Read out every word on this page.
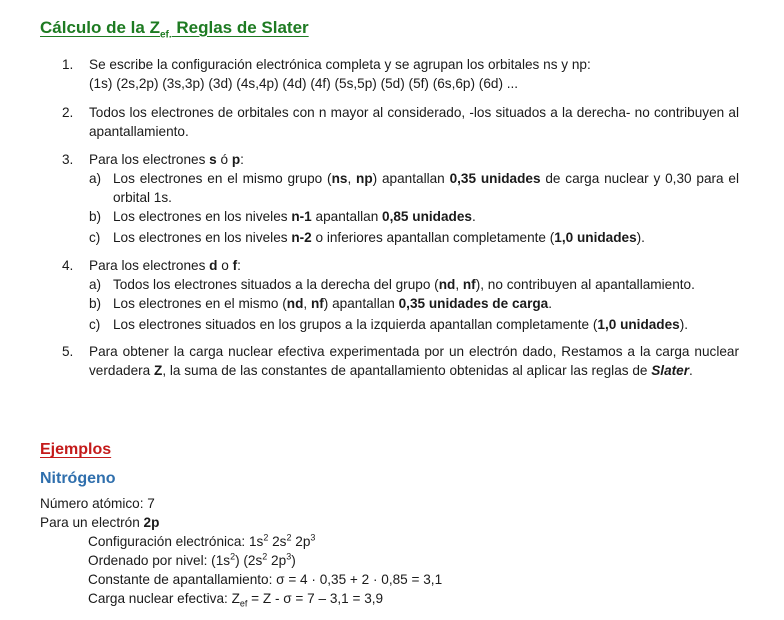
Cálculo de la $Z_{ef.}$ Reglas de Slater
1. Se escribe la configuración electrónica completa y se agrupan los orbitales ns y np:
(1s) (2s,2p) (3s,3p) (3d) (4s,4p) (4d) (4f) (5s,5p) (5d) (5f) (6s,6p) (6d) ...
2. Todos los electrones de orbitales con n mayor al considerado, -los situados a la derecha- no contribuyen al apantallamiento.
3. Para los electrones s ó p:
a) Los electrones en el mismo grupo (ns, np) apantallan 0,35 unidades de carga nuclear y 0,30 para el orbital 1s.
b) Los electrones en los niveles n-1 apantallan 0,85 unidades.
c) Los electrones en los niveles n-2 o inferiores apantallan completamente (1,0 unidades).
4. Para los electrones d o f:
a) Todos los electrones situados a la derecha del grupo (nd, nf), no contribuyen al apantallamiento.
b) Los electrones en el mismo (nd, nf) apantallan 0,35 unidades de carga.
c) Los electrones situados en los grupos a la izquierda apantallan completamente (1,0 unidades).
5. Para obtener la carga nuclear efectiva experimentada por un electrón dado, Restamos a la carga nuclear verdadera Z, la suma de las constantes de apantallamiento obtenidas al aplicar las reglas de Slater.
Ejemplos
Nitrógeno
Número atómico: 7
Para un electrón 2p
Configuración electrónica: $1s^2$ $2s^2$ $2p^3$
Ordenado por nivel: $(1s^2)$ ($2s^2$ $2p^3$)
Constante de apantallamiento: σ = 4 · 0,35 + 2 · 0,85 = 3,1
Carga nuclear efectiva: $Z_{ef} = Z - \sigma = 7 - 3,1 = 3,9$
